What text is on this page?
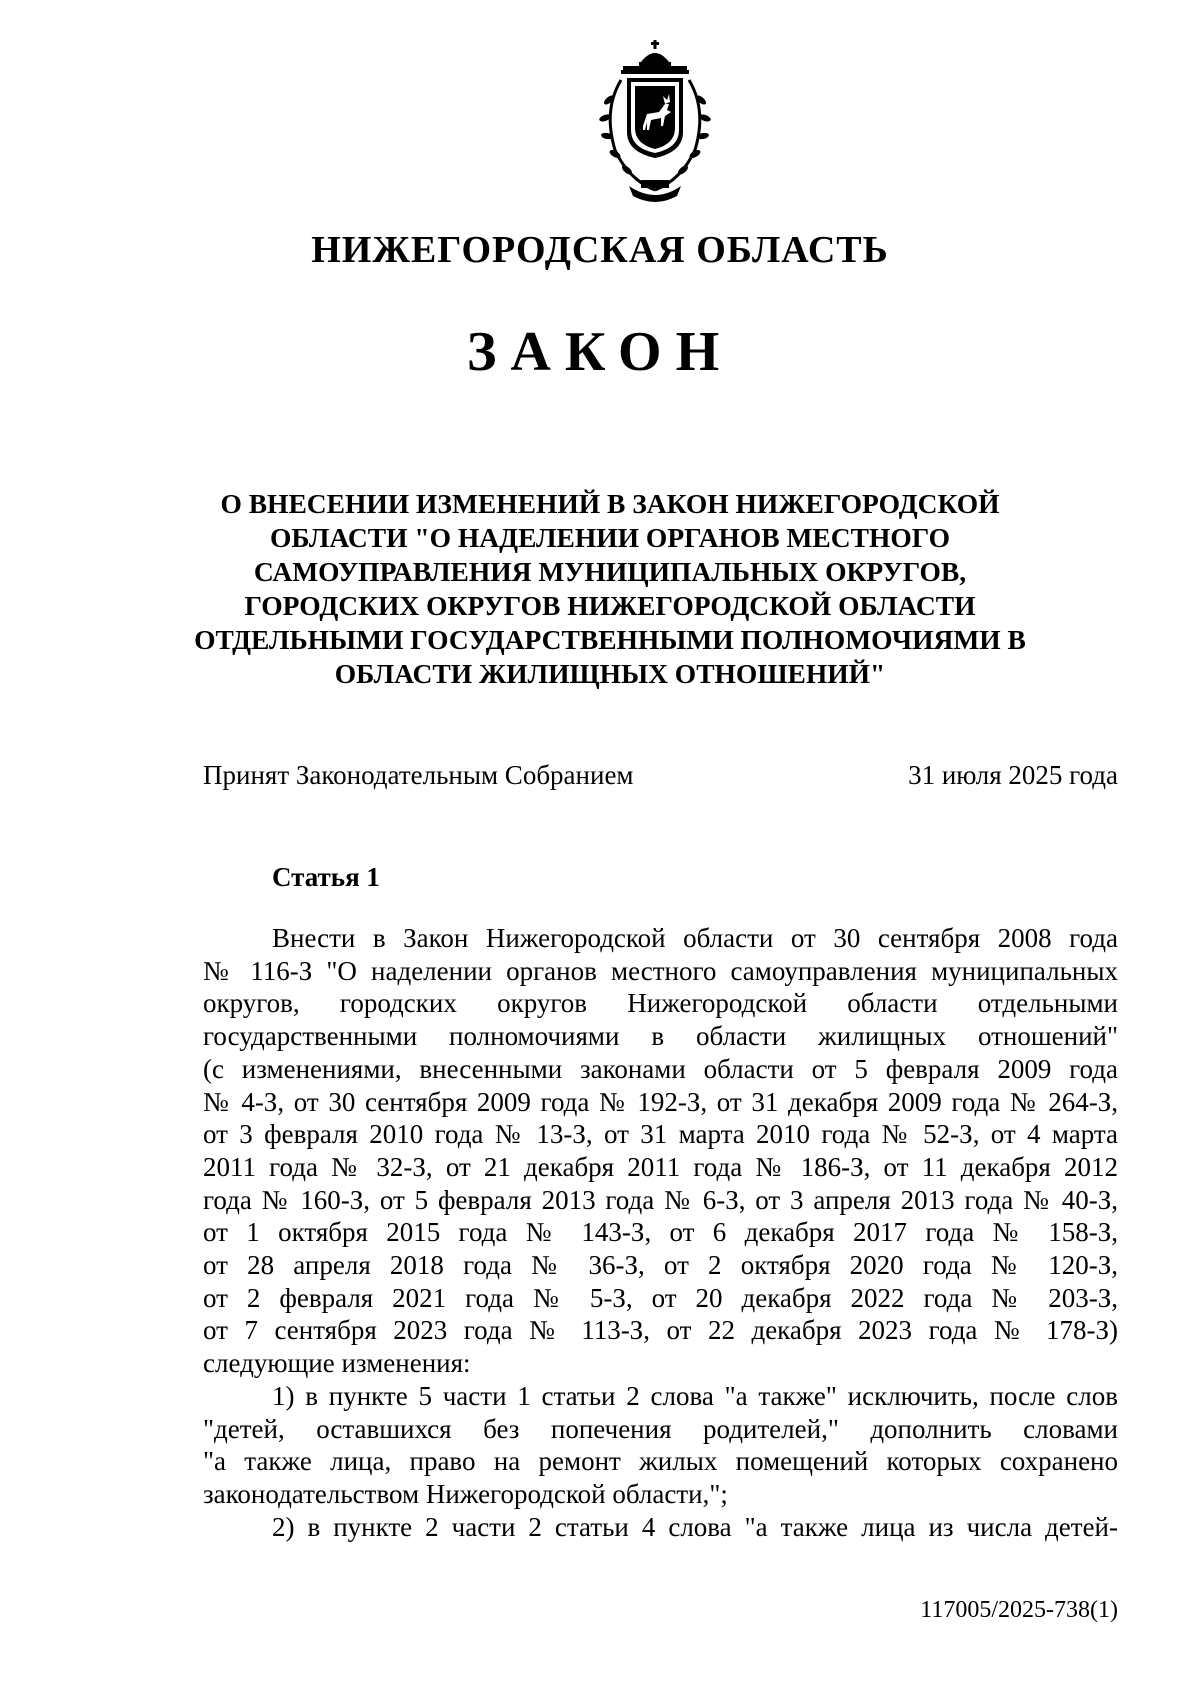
НИЖЕГОРОДСКАЯ ОБЛАСТЬ
ЗАКОН
О ВНЕСЕНИИ ИЗМЕНЕНИЙ В ЗАКОН НИЖЕГОРОДСКОЙ
ОБЛАСТИ "О НАДЕЛЕНИИ ОРГАНОВ МЕСТНОГО
САМОУПРАВЛЕНИЯ МУНИЦИПАЛЬНЫХ ОКРУГОВ,
ГОРОДСКИХ ОКРУГОВ НИЖЕГОРОДСКОЙ ОБЛАСТИ
ОТДЕЛЬНЫМИ ГОСУДАРСТВЕННЫМИ ПОЛНОМОЧИЯМИ В
ОБЛАСТИ ЖИЛИЩНЫХ ОТНОШЕНИЙ"
Принят Законодательным Собранием	31 июля 2025 года
Статья 1
Внести в Закон Нижегородской области от 30 сентября 2008 года
№ 116-З "О наделении органов местного самоуправления муниципальных
округов, городских округов Нижегородской области отдельными
государственными полномочиями в области жилищных отношений"
(с изменениями, внесенными законами области от 5 февраля 2009 года
№ 4-З, от 30 сентября 2009 года № 192-З, от 31 декабря 2009 года № 264-З,
от 3 февраля 2010 года № 13-З, от 31 марта 2010 года № 52-З, от 4 марта
2011 года № 32-З, от 21 декабря 2011 года № 186-З, от 11 декабря 2012
года № 160-З, от 5 февраля 2013 года № 6-З, от 3 апреля 2013 года № 40-З,
от 1 октября 2015 года № 143-З, от 6 декабря 2017 года № 158-З,
от 28 апреля 2018 года № 36-З, от 2 октября 2020 года № 120-З,
от 2 февраля 2021 года № 5-З, от 20 декабря 2022 года № 203-З,
от 7 сентября 2023 года № 113-З, от 22 декабря 2023 года № 178-З)
следующие изменения:
1) в пункте 5 части 1 статьи 2 слова "а также" исключить, после слов
"детей, оставшихся без попечения родителей," дополнить словами
"а также лица, право на ремонт жилых помещений которых сохранено
законодательством Нижегородской области,";
2) в пункте 2 части 2 статьи 4 слова "а также лица из числа детей-
117005/2025-738(1)
